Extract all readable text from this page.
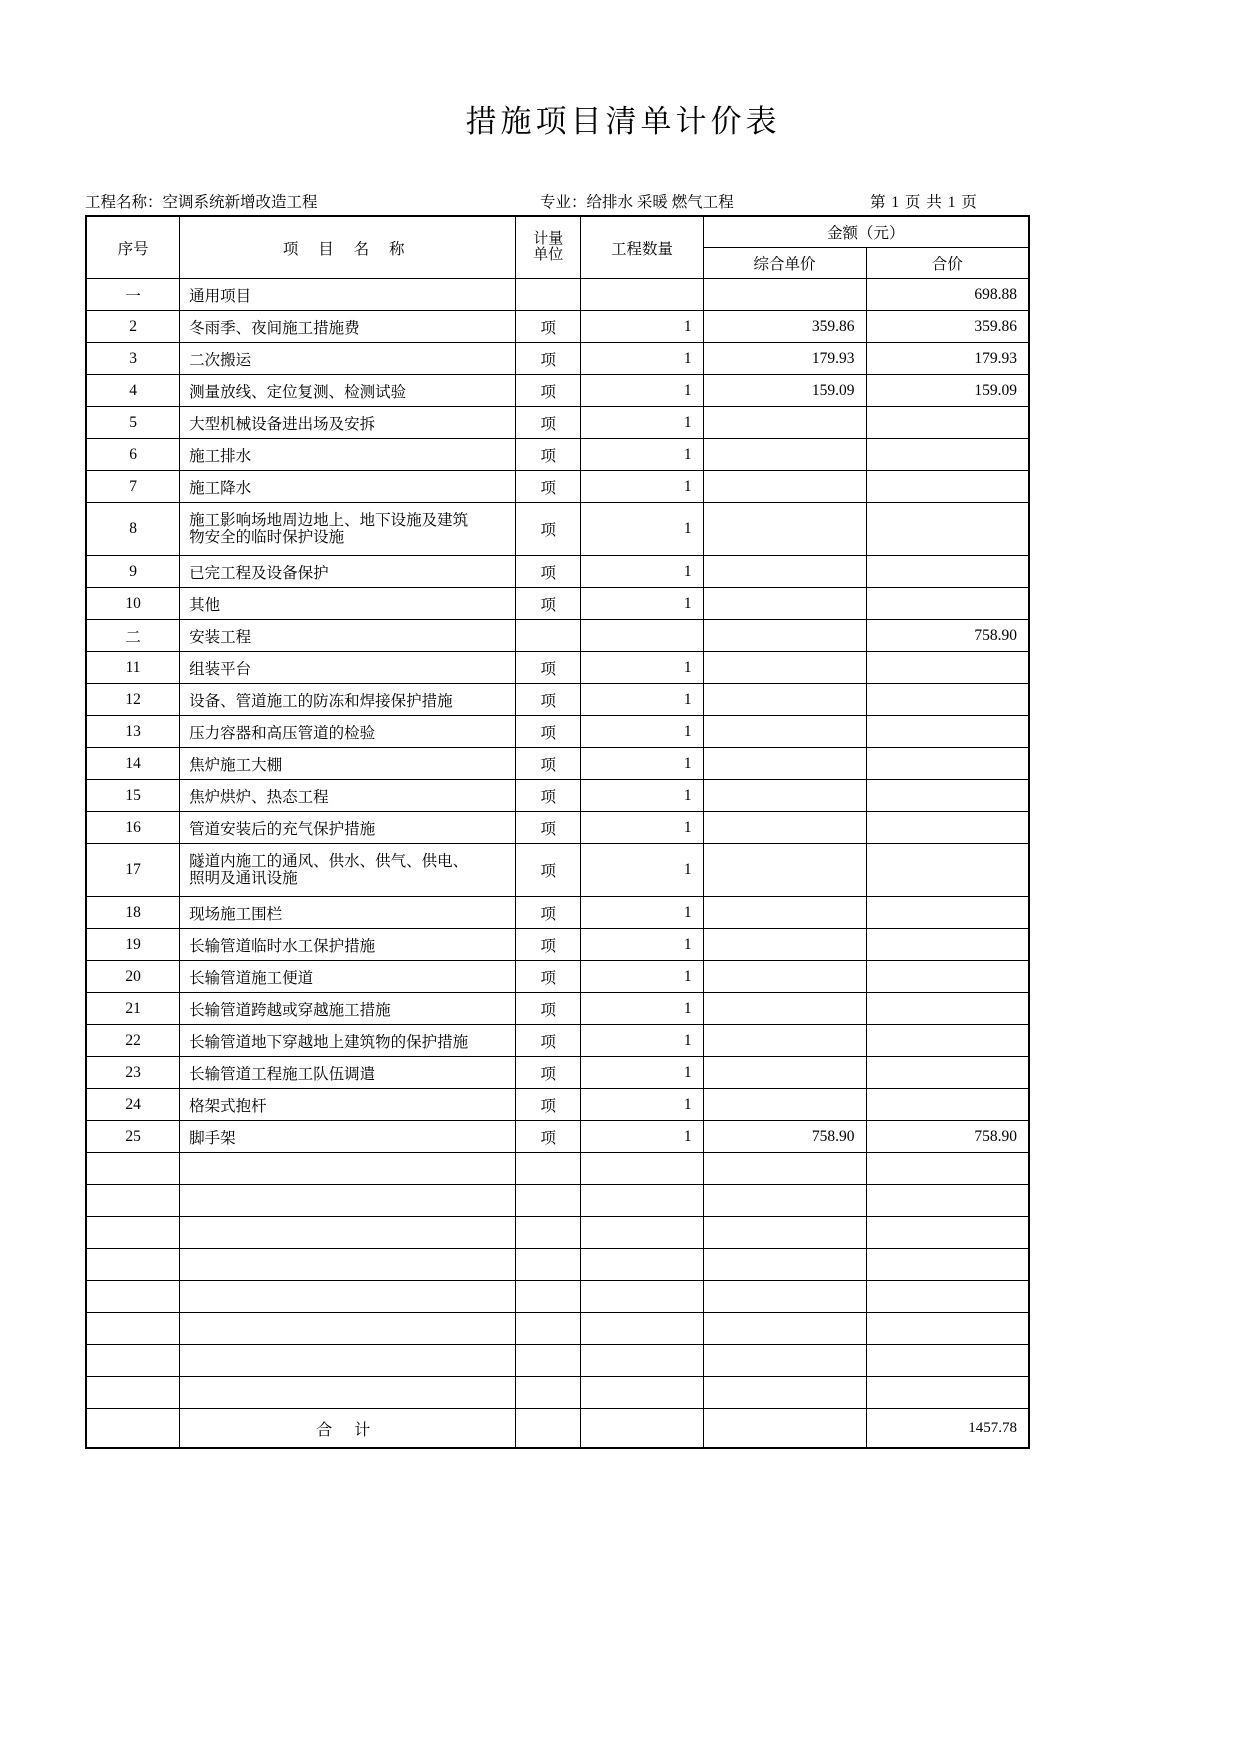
措施项目清单计价表
工程名称：空调系统新增改造工程	专业：给排水 采暖 燃气工程	第 1 页 共 1 页
序号	项 目 名 称	计量
单位	工程数量	金额（元）	
				综合单价	合价
一	通用项目				698.88
2	冬雨季、夜间施工措施费	项	1	359.86	359.86
3	二次搬运	项	1	179.93	179.93
4	测量放线、定位复测、检测试验	项	1	159.09	159.09
5	大型机械设备进出场及安拆	项	1		
6	施工排水	项	1		
7	施工降水	项	1		
8	施工影响场地周边地上、地下设施及建筑
物安全的临时保护设施	项	1		
9	已完工程及设备保护	项	1		
10	其他	项	1		
二	安装工程				758.90
11	组装平台	项	1		
12	设备、管道施工的防冻和焊接保护措施	项	1		
13	压力容器和高压管道的检验	项	1		
14	焦炉施工大棚	项	1		
15	焦炉烘炉、热态工程	项	1		
16	管道安装后的充气保护措施	项	1		
17	隧道内施工的通风、供水、供气、供电、
照明及通讯设施	项	1		
18	现场施工围栏	项	1		
19	长输管道临时水工保护措施	项	1		
20	长输管道施工便道	项	1		
21	长输管道跨越或穿越施工措施	项	1		
22	长输管道地下穿越地上建筑物的保护措施	项	1		
23	长输管道工程施工队伍调遣	项	1		
24	格架式抱杆	项	1		
25	脚手架	项	1	758.90	758.90

	合 计				1457.78
